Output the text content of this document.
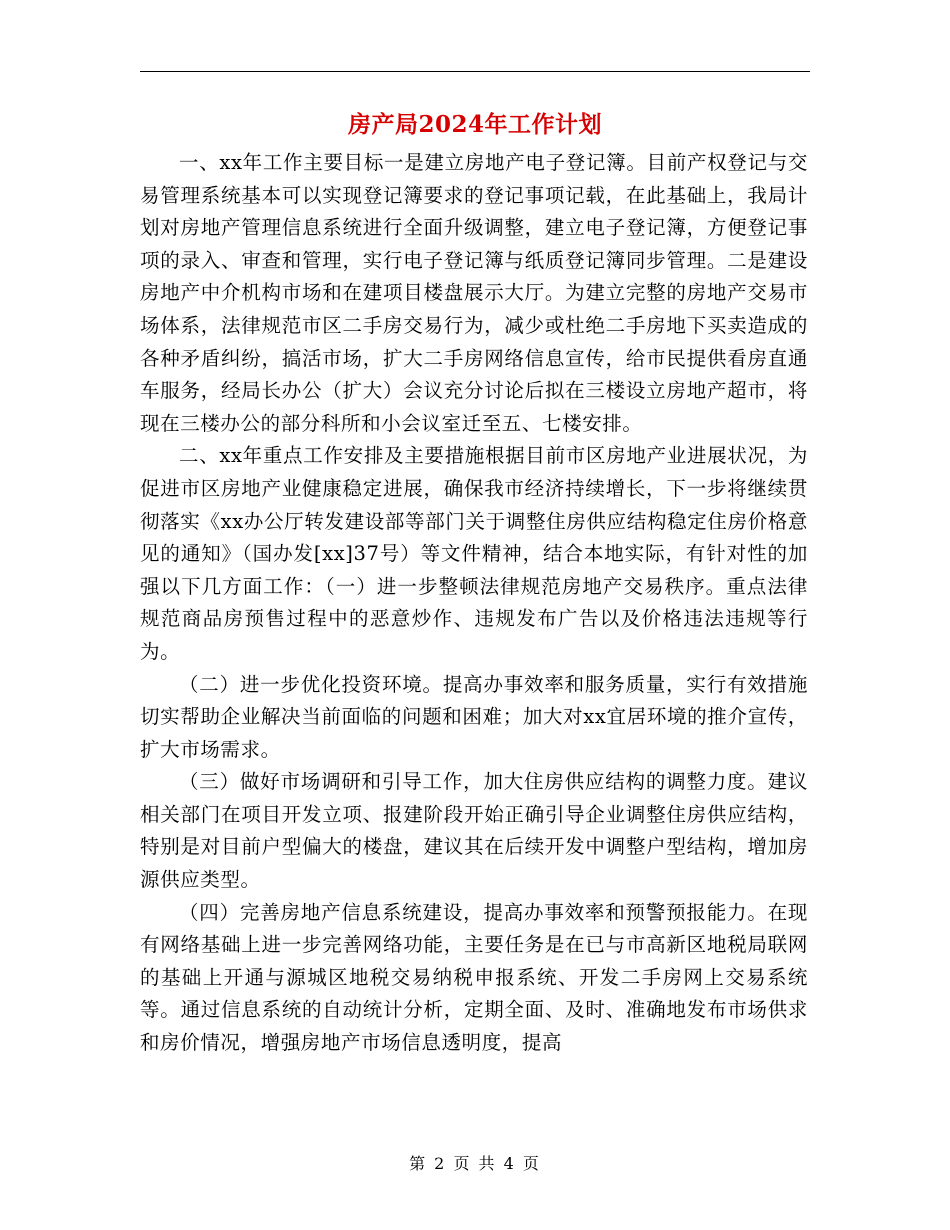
房产局2024年工作计划

一、xx年工作主要目标一是建立房地产电子登记簿。目前产权登记与交易管理系统基本可以实现登记簿要求的登记事项记载，在此基础上，我局计划对房地产管理信息系统进行全面升级调整，建立电子登记簿，方便登记事项的录入、审查和管理，实行电子登记簿与纸质登记簿同步管理。二是建设房地产中介机构市场和在建项目楼盘展示大厅。为建立完整的房地产交易市场体系，法律规范市区二手房交易行为，减少或杜绝二手房地下买卖造成的各种矛盾纠纷，搞活市场，扩大二手房网络信息宣传，给市民提供看房直通车服务，经局长办公（扩大）会议充分讨论后拟在三楼设立房地产超市，将现在三楼办公的部分科所和小会议室迁至五、七楼安排。

二、xx年重点工作安排及主要措施根据目前市区房地产业进展状况，为促进市区房地产业健康稳定进展，确保我市经济持续增长，下一步将继续贯彻落实《xx办公厅转发建设部等部门关于调整住房供应结构稳定住房价格意见的通知》（国办发[xx]37号）等文件精神，结合本地实际，有针对性的加强以下几方面工作：（一）进一步整顿法律规范房地产交易秩序。重点法律规范商品房预售过程中的恶意炒作、违规发布广告以及价格违法违规等行为。

（二）进一步优化投资环境。提高办事效率和服务质量，实行有效措施切实帮助企业解决当前面临的问题和困难；加大对xx宜居环境的推介宣传，扩大市场需求。

（三）做好市场调研和引导工作，加大住房供应结构的调整力度。建议相关部门在项目开发立项、报建阶段开始正确引导企业调整住房供应结构，特别是对目前户型偏大的楼盘，建议其在后续开发中调整户型结构，增加房源供应类型。

（四）完善房地产信息系统建设，提高办事效率和预警预报能力。在现有网络基础上进一步完善网络功能，主要任务是在已与市高新区地税局联网的基础上开通与源城区地税交易纳税申报系统、开发二手房网上交易系统等。通过信息系统的自动统计分析，定期全面、及时、准确地发布市场供求和房价情况，增强房地产市场信息透明度，提高

第 2 页 共 4 页
